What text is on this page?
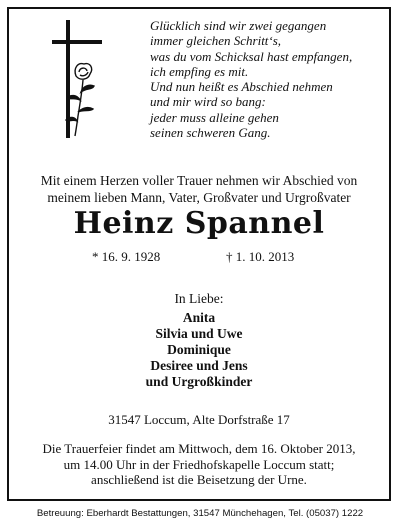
Glücklich sind wir zwei gegangen
immer gleichen Schritt‘s,
was du vom Schicksal hast empfangen,
ich empfing es mit.
Und nun heißt es Abschied nehmen
und mir wird so bang:
jeder muss alleine gehen
seinen schweren Gang.
Mit einem Herzen voller Trauer nehmen wir Abschied von
meinem lieben Mann, Vater, Großvater und Urgroßvater
Heinz Spannel
* 16. 9. 1928	† 1. 10. 2013
In Liebe:
Anita
Silvia und Uwe
Dominique
Desiree und Jens
und Urgroßkinder
31547 Loccum, Alte Dorfstraße 17
Die Trauerfeier findet am Mittwoch, dem 16. Oktober 2013,
um 14.00 Uhr in der Friedhofskapelle Loccum statt;
anschließend ist die Beisetzung der Urne.
Betreuung: Eberhardt Bestattungen, 31547 Münchehagen, Tel. (05037) 1222
